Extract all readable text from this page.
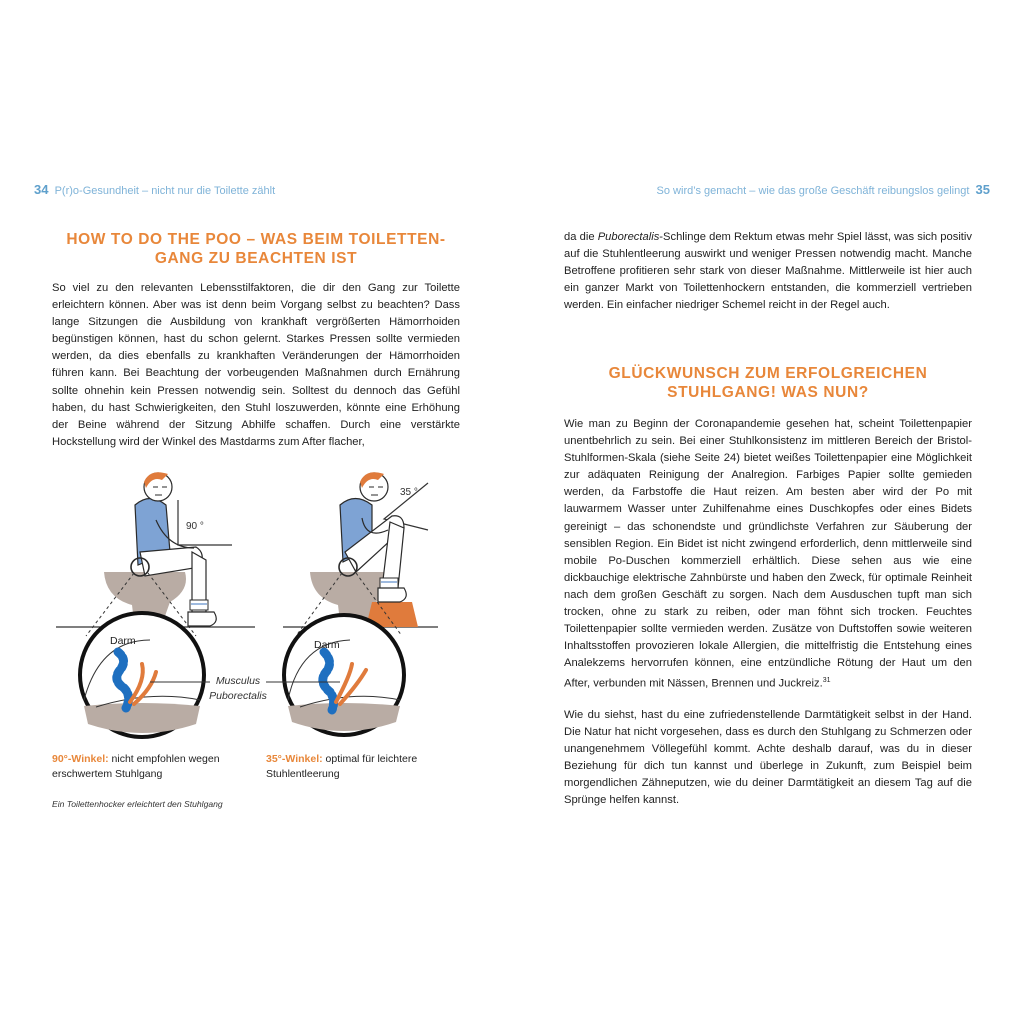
34 P(r)o-Gesundheit – nicht nur die Toilette zählt
HOW TO DO THE POO – WAS BEIM TOILETTEN-
GANG ZU BEACHTEN IST

So viel zu den relevanten Lebensstilfaktoren, die dir den Gang zur Toilette erleichtern können. Aber was ist denn beim Vorgang selbst zu beachten? Dass lange Sitzungen die Ausbildung von krankhaft vergrößerten Hämorrhoiden begünstigen können, hast du schon gelernt. Starkes Pressen sollte vermieden werden, da dies ebenfalls zu krankhaften Veränderungen der Hämorrhoiden führen kann. Bei Beachtung der vorbeugenden Maßnahmen durch Ernährung sollte ohnehin kein Pressen notwendig sein. Solltest du dennoch das Gefühl haben, du hast Schwierigkeiten, den Stuhl loszuwerden, könnte eine Erhöhung der Beine während der Sitzung Abhilfe schaffen. Durch eine verstärkte Hockstellung wird der Winkel des Mastdarms zum After flacher,

90 °
Darm
35 °
Darm
Musculus
Puborectalis
90°-Winkel: nicht empfohlen wegen erschwertem Stuhlgang
35°-Winkel: optimal für leichtere Stuhlentleerung
Ein Toilettenhocker erleichtert den Stuhlgang
So wird’s gemacht – wie das große Geschäft reibungslos gelingt 35

da die Puborectalis-Schlinge dem Rektum etwas mehr Spiel lässt, was sich positiv auf die Stuhlentleerung auswirkt und weniger Pressen notwendig macht. Manche Betroffene profitieren sehr stark von dieser Maßnahme. Mittlerweile ist hier auch ein ganzer Markt von Toilettenhockern entstanden, die kommerziell vertrieben werden. Ein einfacher niedriger Schemel reicht in der Regel auch.

GLÜCKWUNSCH ZUM ERFOLGREICHEN
STUHLGANG! WAS NUN?

Wie man zu Beginn der Coronapandemie gesehen hat, scheint Toilettenpapier unentbehrlich zu sein. Bei einer Stuhlkonsistenz im mittleren Bereich der Bristol-Stuhlformen-Skala (siehe Seite 24) bietet weißes Toilettenpapier eine Möglichkeit zur adäquaten Reinigung der Analregion. Farbiges Papier sollte gemieden werden, da Farbstoffe die Haut reizen. Am besten aber wird der Po mit lauwarmem Wasser unter Zuhilfenahme eines Duschkopfes oder eines Bidets gereinigt – das schonendste und gründlichste Verfahren zur Säuberung der sensiblen Region. Ein Bidet ist nicht zwingend erforderlich, denn mittlerweile sind mobile Po-Duschen kommerziell erhältlich. Diese sehen aus wie eine dickbauchige elektrische Zahnbürste und haben den Zweck, für optimale Reinheit nach dem großen Geschäft zu sorgen. Nach dem Ausduschen tupft man sich trocken, ohne zu stark zu reiben, oder man föhnt sich trocken. Feuchtes Toilettenpapier sollte vermieden werden. Zusätze von Duftstoffen sowie weiteren Inhaltsstoffen provozieren lokale Allergien, die mittelfristig die Entstehung eines Analekzems hervorrufen können, eine entzündliche Rötung der Haut um den After, verbunden mit Nässen, Brennen und Juckreiz.$^{31}$

Wie du siehst, hast du eine zufriedenstellende Darmtätigkeit selbst in der Hand. Die Natur hat nicht vorgesehen, dass es durch den Stuhlgang zu Schmerzen oder unangenehmem Völlegefühl kommt. Achte deshalb darauf, was du in dieser Beziehung für dich tun kannst und überlege in Zukunft, zum Beispiel beim morgendlichen Zähneputzen, wie du deiner Darmtätigkeit an diesem Tag auf die Sprünge helfen kannst.
